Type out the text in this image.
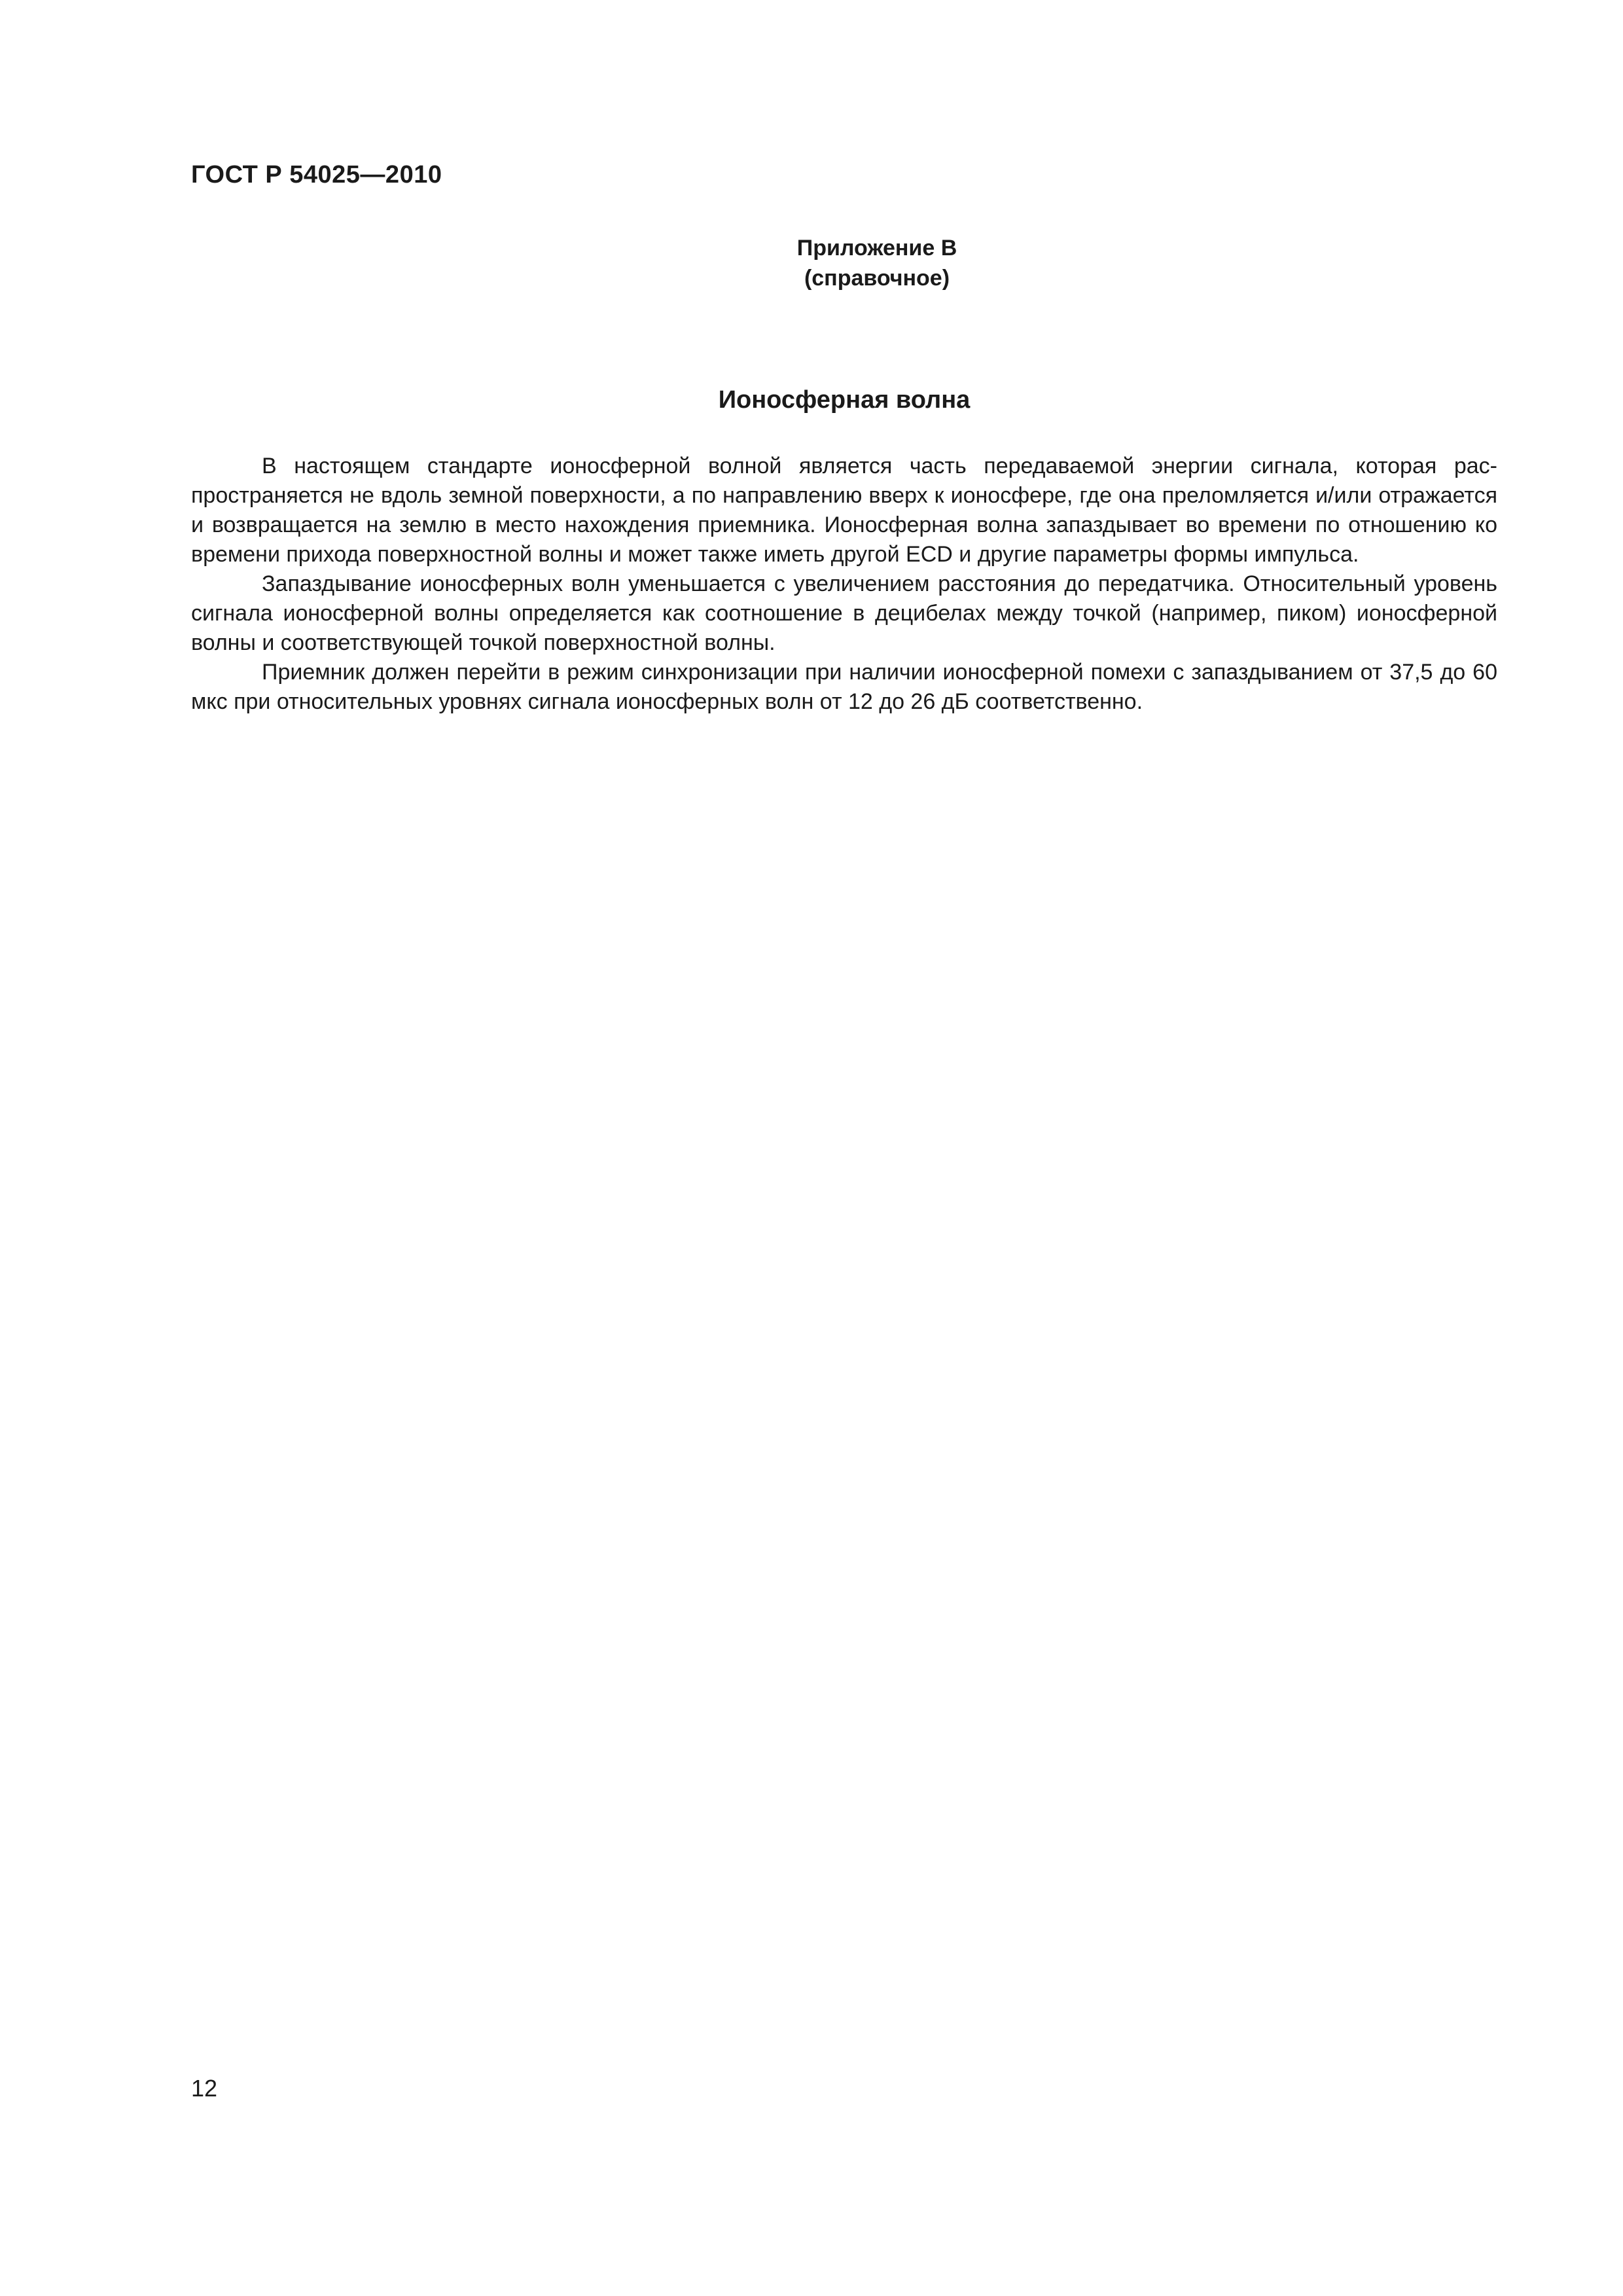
ГОСТ Р 54025—2010
Приложение В
(справочное)
Ионосферная волна

В настоящем стандарте ионосферной волной является часть передаваемой энергии сигнала, которая распространяется не вдоль земной поверхности, а по направлению вверх к ионосфере, где она преломляется и/или отражается и возвращается на землю в место нахождения приемника. Ионосферная волна запаздывает во времени по отношению ко времени прихода поверхностной волны и может также иметь другой ECD и другие параметры формы импульса.

Запаздывание ионосферных волн уменьшается с увеличением расстояния до передатчика. Относительный уровень сигнала ионосферной волны определяется как соотношение в децибелах между точкой (например, пиком) ионосферной волны и соответствующей точкой поверхностной волны.

Приемник должен перейти в режим синхронизации при наличии ионосферной помехи с запаздыванием от 37,5 до 60 мкс при относительных уровнях сигнала ионосферных волн от 12 до 26 дБ соответственно.

12
